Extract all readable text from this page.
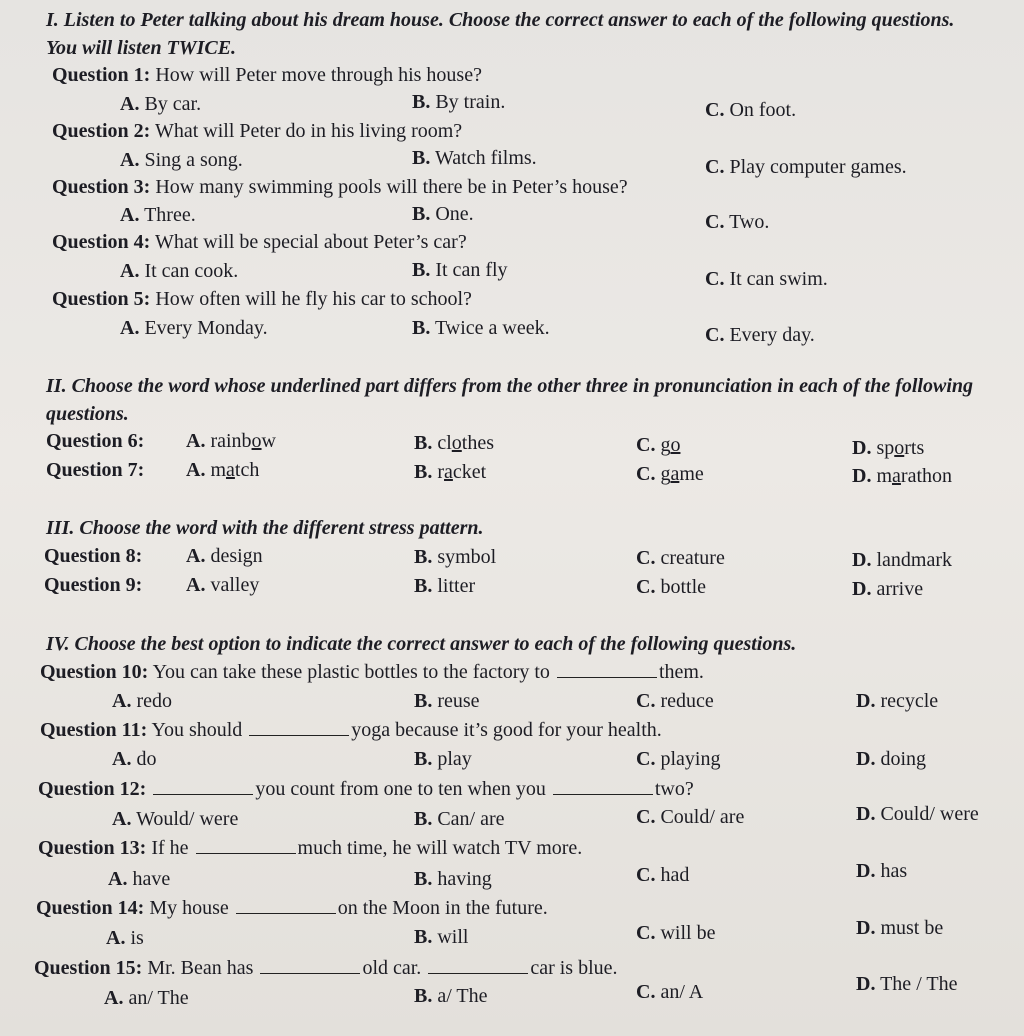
I. Listen to Peter talking about his dream house. Choose the correct answer to each of the following questions. You will listen TWICE.
Question 1: How will Peter move through his house?
A. By car.	B. By train.	C. On foot.
Question 2: What will Peter do in his living room?
A. Sing a song.	B. Watch films.	C. Play computer games.
Question 3: How many swimming pools will there be in Peter’s house?
A. Three.	B. One.	C. Two.
Question 4: What will be special about Peter’s car?
A. It can cook.	B. It can fly	C. It can swim.
Question 5: How often will he fly his car to school?
A. Every Monday.	B. Twice a week.	C. Every day.
II. Choose the word whose underlined part differs from the other three in pronunciation in each of the following questions.
Question 6: A. rainbow	B. clothes	C. go	D. sports
Question 7: A. match	B. racket	C. game	D. marathon
III. Choose the word with the different stress pattern.
Question 8: A. design	B. symbol	C. creature	D. landmark
Question 9: A. valley	B. litter	C. bottle	D. arrive
IV. Choose the best option to indicate the correct answer to each of the following questions.
Question 10: You can take these plastic bottles to the factory to	them.
A. redo	B. reuse	C. reduce	D. recycle
Question 11: You should	yoga because it’s good for your health.
A. do	B. play	C. playing	D. doing
Question 12:	you count from one to ten when you	two?
A. Would/ were	B. Can/ are	C. Could/ are	D. Could/ were
Question 13: If he	much time, he will watch TV more.
A. have	B. having	C. had	D. has
Question 14: My house	on the Moon in the future.
A. is	B. will	C. will be	D. must be
Question 15: Mr. Bean has	old car.	car is blue.
A. an/ The	B. a/ The	C. an/ A	D. The / The
